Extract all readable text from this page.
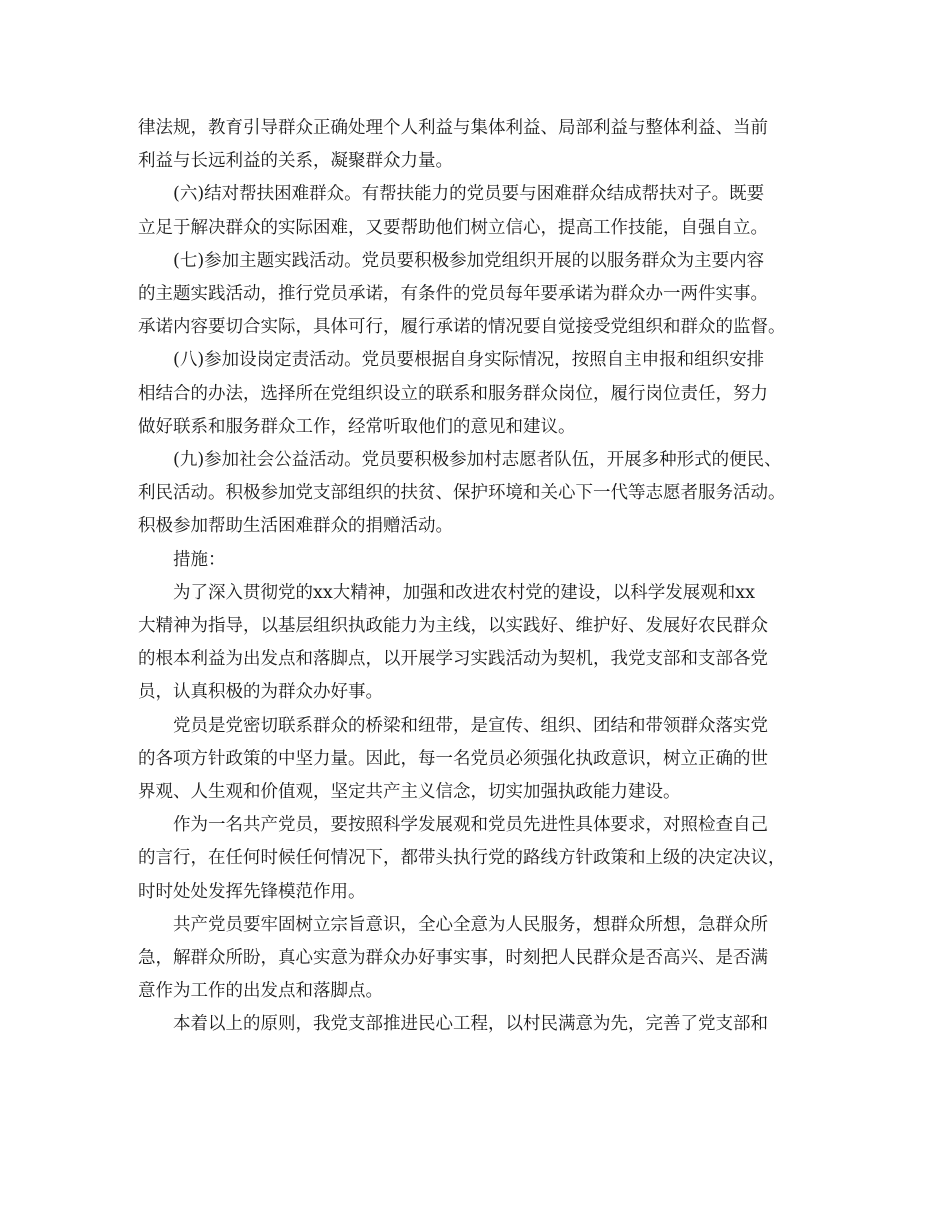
律法规，教育引导群众正确处理个人利益与集体利益、局部利益与整体利益、当前
利益与长远利益的关系，凝聚群众力量。

　　(六)结对帮扶困难群众。有帮扶能力的党员要与困难群众结成帮扶对子。既要
立足于解决群众的实际困难，又要帮助他们树立信心，提高工作技能，自强自立。

　　(七)参加主题实践活动。党员要积极参加党组织开展的以服务群众为主要内容
的主题实践活动，推行党员承诺，有条件的党员每年要承诺为群众办一两件实事。
承诺内容要切合实际，具体可行，履行承诺的情况要自觉接受党组织和群众的监督。

　　(八)参加设岗定责活动。党员要根据自身实际情况，按照自主申报和组织安排
相结合的办法，选择所在党组织设立的联系和服务群众岗位，履行岗位责任，努力
做好联系和服务群众工作，经常听取他们的意见和建议。

　　(九)参加社会公益活动。党员要积极参加村志愿者队伍，开展多种形式的便民、
利民活动。积极参加党支部组织的扶贫、保护环境和关心下一代等志愿者服务活动。
积极参加帮助生活困难群众的捐赠活动。

　　措施：

　　为了深入贯彻党的xx大精神，加强和改进农村党的建设，以科学发展观和xx
大精神为指导，以基层组织执政能力为主线，以实践好、维护好、发展好农民群众
的根本利益为出发点和落脚点，以开展学习实践活动为契机，我党支部和支部各党
员，认真积极的为群众办好事。

　　党员是党密切联系群众的桥梁和纽带，是宣传、组织、团结和带领群众落实党
的各项方针政策的中坚力量。因此，每一名党员必须强化执政意识，树立正确的世
界观、人生观和价值观，坚定共产主义信念，切实加强执政能力建设。

　　作为一名共产党员，要按照科学发展观和党员先进性具体要求，对照检查自己
的言行，在任何时候任何情况下，都带头执行党的路线方针政策和上级的决定决议，
时时处处发挥先锋模范作用。

　　共产党员要牢固树立宗旨意识，全心全意为人民服务，想群众所想，急群众所
急，解群众所盼，真心实意为群众办好事实事，时刻把人民群众是否高兴、是否满
意作为工作的出发点和落脚点。

　　本着以上的原则，我党支部推进民心工程，以村民满意为先，完善了党支部和
